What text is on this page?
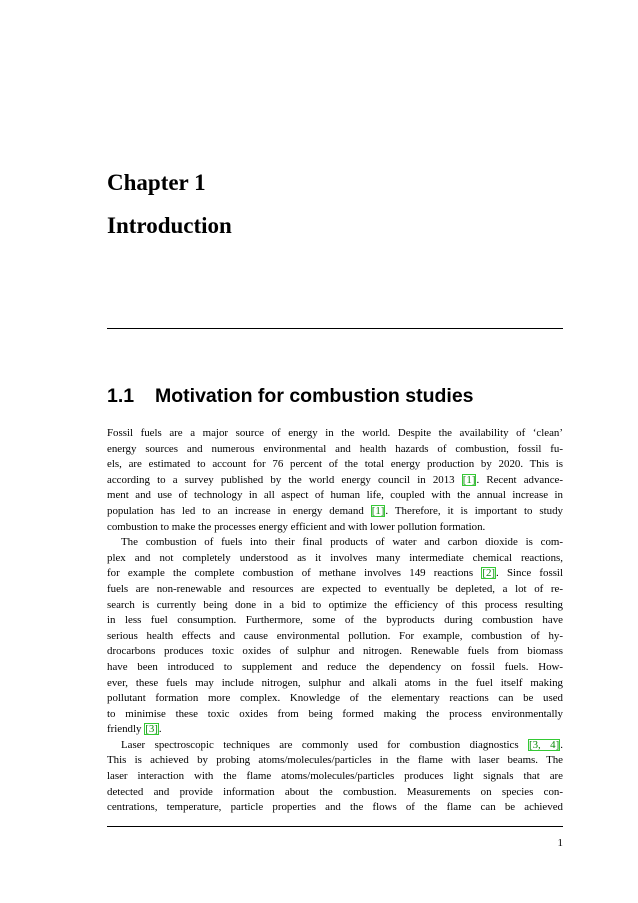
Chapter 1
Introduction
1.1 Motivation for combustion studies
Fossil fuels are a major source of energy in the world. Despite the availability of ‘clean’
energy sources and numerous environmental and health hazards of combustion, fossil fu-
els, are estimated to account for 76 percent of the total energy production by 2020. This is
according to a survey published by the world energy council in 2013 [1]. Recent advance-
ment and use of technology in all aspect of human life, coupled with the annual increase in
population has led to an increase in energy demand [1]. Therefore, it is important to study
combustion to make the processes energy efficient and with lower pollution formation.
The combustion of fuels into their final products of water and carbon dioxide is com-
plex and not completely understood as it involves many intermediate chemical reactions,
for example the complete combustion of methane involves 149 reactions [2]. Since fossil
fuels are non-renewable and resources are expected to eventually be depleted, a lot of re-
search is currently being done in a bid to optimize the efficiency of this process resulting
in less fuel consumption. Furthermore, some of the byproducts during combustion have
serious health effects and cause environmental pollution. For example, combustion of hy-
drocarbons produces toxic oxides of sulphur and nitrogen. Renewable fuels from biomass
have been introduced to supplement and reduce the dependency on fossil fuels. How-
ever, these fuels may include nitrogen, sulphur and alkali atoms in the fuel itself making
pollutant formation more complex. Knowledge of the elementary reactions can be used
to minimise these toxic oxides from being formed making the process environmentally
friendly [3].
Laser spectroscopic techniques are commonly used for combustion diagnostics [3, 4].
This is achieved by probing atoms/molecules/particles in the flame with laser beams. The
laser interaction with the flame atoms/molecules/particles produces light signals that are
detected and provide information about the combustion. Measurements on species con-
centrations, temperature, particle properties and the flows of the flame can be achieved
1
